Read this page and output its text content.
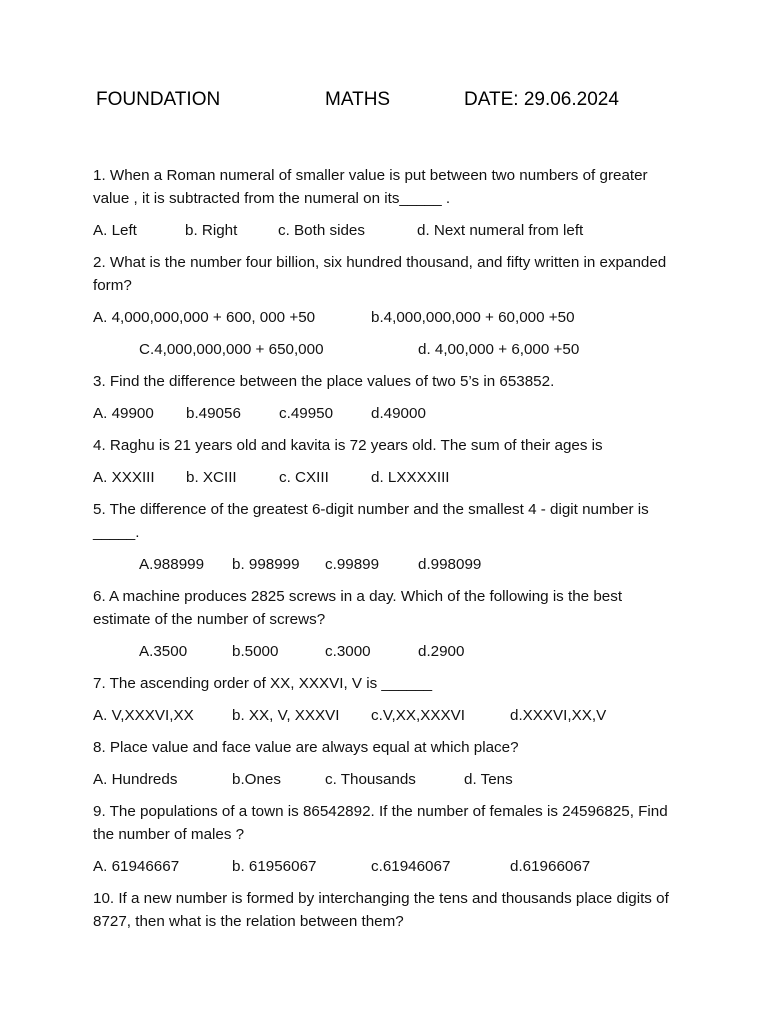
FOUNDATION	MATHS	DATE: 29.06.2024
1. When a Roman numeral of smaller value is put between two numbers of greater value , it is subtracted from the numeral on its_____ .
A. Left	b. Right	c. Both sides	d. Next numeral from left
2. What is the number four billion, six hundred thousand, and fifty written in expanded form?
A. 4,000,000,000 + 600, 000 +50	b.4,000,000,000 + 60,000 +50
C.4,000,000,000 + 650,000	d. 4,00,000 + 6,000 +50
3. Find the difference between the place values of two 5’s in 653852.
A. 49900 b.49056	c.49950 d.49000
4. Raghu is 21 years old and kavita is 72 years old. The sum of their ages is
A. XXXIII b. XCIII	c. CXIII	d. LXXXXIII
5. The difference of the greatest 6-digit number and the smallest 4 - digit number is _____.
A.988999 b. 998999 c.99899	d.998099
6. A machine produces 2825 screws in a day. Which of the following is the best estimate of the number of screws?
A.3500	b.5000	c.3000	d.2900
7. The ascending order of XX, XXXVI, V is ______
A. V,XXXVI,XX	b. XX, V, XXXVI c.V,XX,XXXVI	d.XXXVI,XX,V
8. Place value and face value are always equal at which place?
A. Hundreds	b.Ones	c. Thousands	d. Tens
9. The populations of a town is 86542892. If the number of females is 24596825, Find the number of males ?
A. 61946667	b. 61956067	c.61946067	d.61966067
10. If a new number is formed by interchanging the tens and thousands place digits of 8727, then what is the relation between them?
